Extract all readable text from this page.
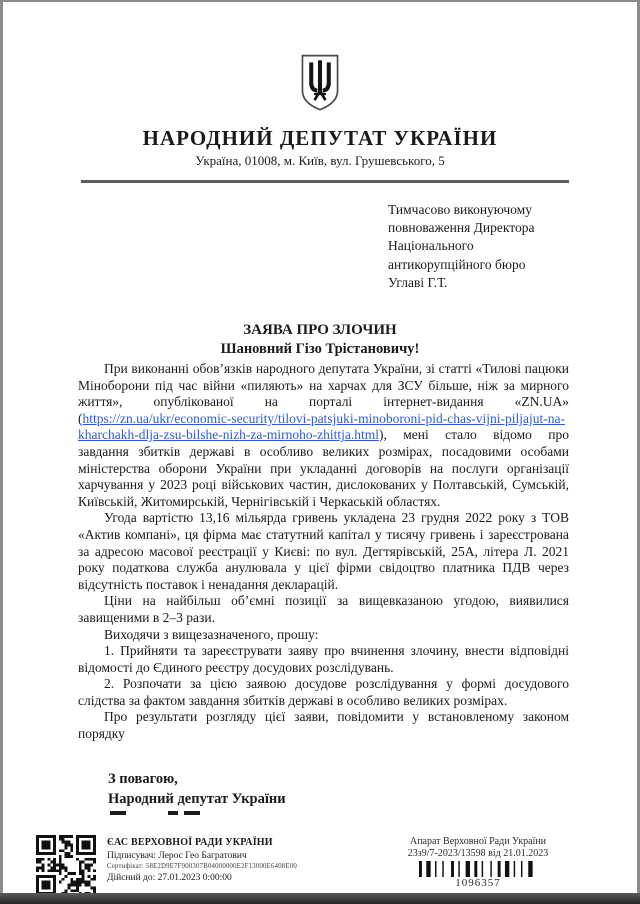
НАРОДНИЙ ДЕПУТАТ УКРАЇНИ

Україна, 01008, м. Київ, вул. Грушевського, 5

Тимчасово виконуючому
повноваження Директора
Національного
антикорупційного бюро
Углаві Г.Т.
ЗАЯВА ПРО ЗЛОЧИН
Шановний Гізо Трістановичу!

При виконанні обов’язків народного депутата України, зі статті «Тилові пацюки Міноборони під час війни «пиляють» на харчах для ЗСУ більше, ніж за мирного життя», опублікованої на порталі інтернет-видання «ZN.UA» (https://zn.ua/ukr/economic-security/tilovi-patsjuki-minoboroni-pid-chas-vijni-piljajut-na-kharchakh-dlja-zsu-bilshe-nizh-za-mirnoho-zhittja.html), мені стало відомо про завдання збитків державі в особливо великих розмірах, посадовими особами міністерства оборони України при укладанні договорів на послуги організації харчування у 2023 році військових частин, дислокованих у Полтавській, Сумській, Київській, Житомирській, Чернігівській і Черкаській областях.

Угода вартістю 13,16 мільярда гривень укладена 23 грудня 2022 року з ТОВ «Актив компані», ця фірма має статутний капітал у тисячу гривень і зареєстрована за адресою масової реєстрації у Києві: по вул. Дегтярівській, 25А, літера Л. 2021 року податкова служба анулювала у цієї фірми свідоцтво платника ПДВ через відсутність поставок і ненадання декларацій.

Ціни на найбільш об’ємні позиції за вищевказаною угодою, виявилися завищеними в 2–3 рази.

Виходячи з вищезазначеного, прошу:

1. Прийняти та зареєструвати заяву про вчинення злочину, внести відповідні відомості до Єдиного реєстру досудових розслідувань.

2. Розпочати за цією заявою досудове розслідування у формі досудового слідства за фактом завдання збитків державі в особливо великих розмірах.

Про результати розгляду цієї заяви, повідомити у встановленому законом порядку

З повагою,
Народний депутат України

ЄАС ВЕРХОВНОЇ РАДИ УКРАЇНИ

Підписувач: Лерос Гео Багратович

Сертифікат: 58E2D9E7F900307B04000000E2F13000E6408E00

Дійсний до: 27.01.2023 0:00:00

Апарат Верховної Ради України

23з9/7-2023/13598 від 21.01.2023

1096357
